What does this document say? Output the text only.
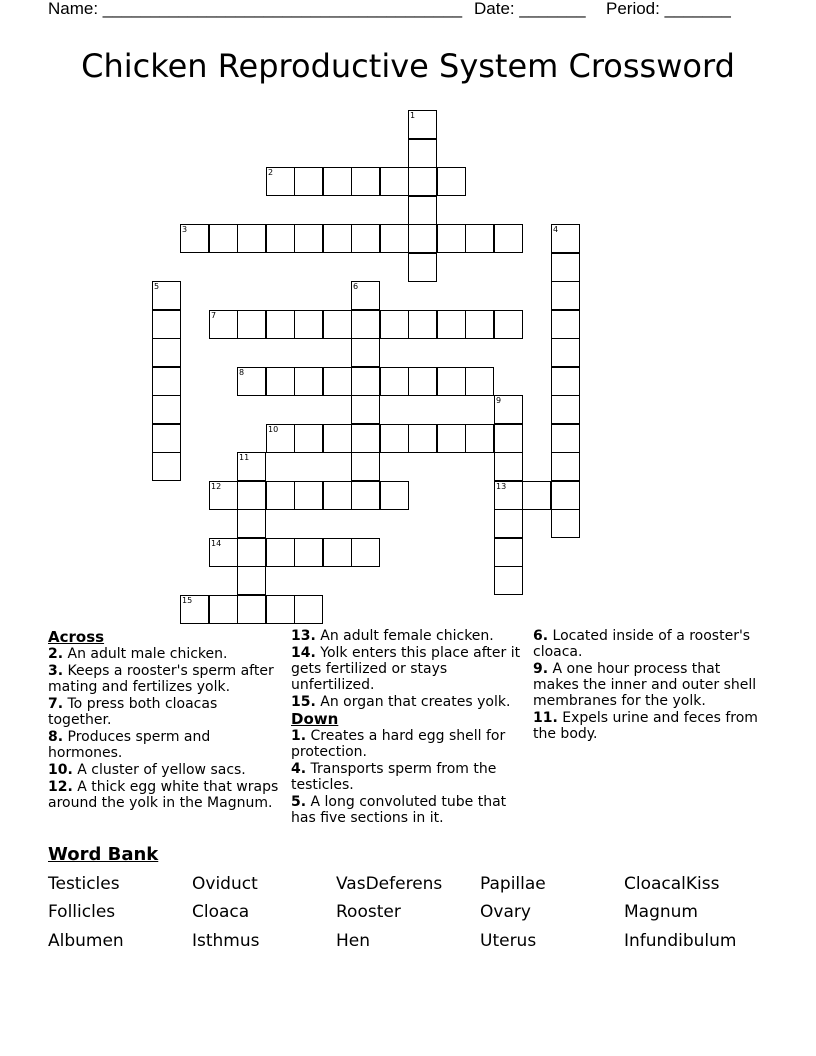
Name: ______________________________________ Date: _______ Period: _______
Chicken Reproductive System Crossword
1
2
3	4
5	6
7
8
9
10
11
12	13
14
15
Across
2. An adult male chicken.
3. Keeps a rooster's sperm after mating and fertilizes yolk.
7. To press both cloacas together.
8. Produces sperm and hormones.
10. A cluster of yellow sacs.
12. A thick egg white that wraps around the yolk in the Magnum.
13. An adult female chicken.
14. Yolk enters this place after it gets fertilized or stays unfertilized.
15. An organ that creates yolk.
Down
1. Creates a hard egg shell for protection.
4. Transports sperm from the testicles.
5. A long convoluted tube that has five sections in it.
6. Located inside of a rooster's cloaca.
9. A one hour process that makes the inner and outer shell membranes for the yolk.
11. Expels urine and feces from the body.
Word Bank
Testicles	Oviduct	VasDeferens Papillae	CloacalKiss
Follicles	Cloaca	Rooster	Ovary	Magnum
Albumen	Isthmus	Hen	Uterus	Infundibulum
